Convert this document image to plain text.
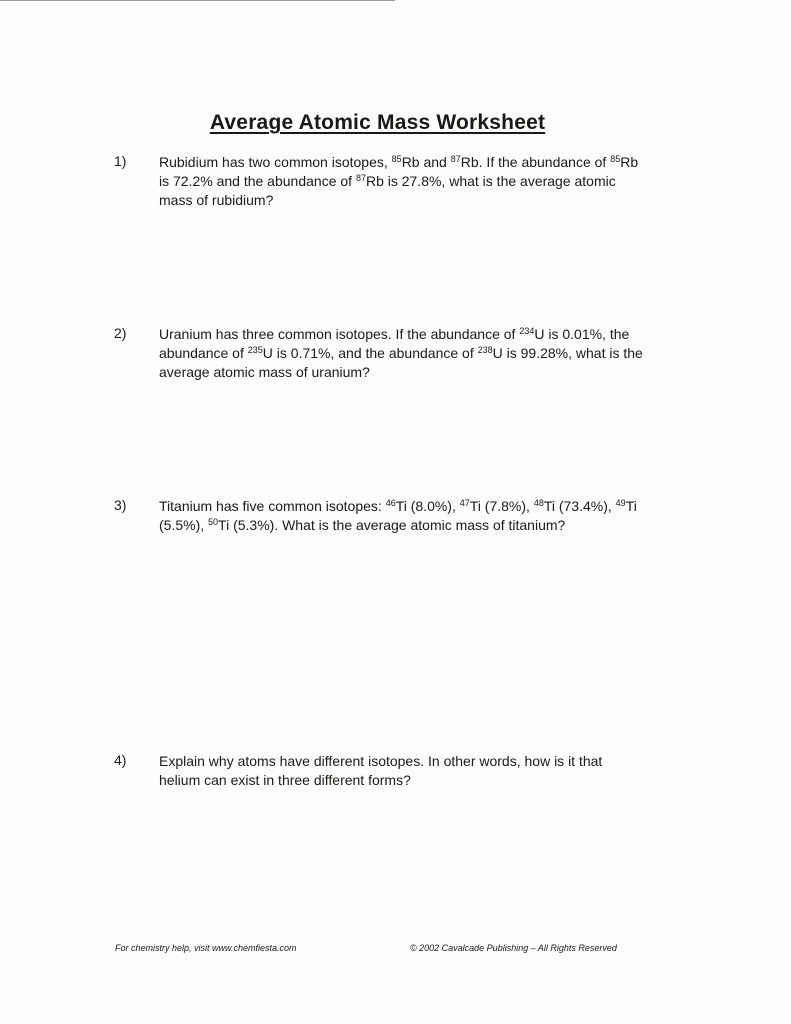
Average Atomic Mass Worksheet
1) Rubidium has two common isotopes, $^{85}$Rb and $^{87}$Rb. If the abundance of $^{85}$Rb is 72.2% and the abundance of $^{87}$Rb is 27.8%, what is the average atomic mass of rubidium?
2) Uranium has three common isotopes. If the abundance of $^{234}$U is 0.01%, the abundance of $^{235}$U is 0.71%, and the abundance of $^{238}$U is 99.28%, what is the average atomic mass of uranium?
3) Titanium has five common isotopes: $^{46}$Ti (8.0%), $^{47}$Ti (7.8%), $^{48}$Ti (73.4%), $^{49}$Ti (5.5%), $^{50}$Ti (5.3%). What is the average atomic mass of titanium?
4) Explain why atoms have different isotopes. In other words, how is it that helium can exist in three different forms?
For chemistry help, visit www.chemfiesta.com	© 2002 Cavalcade Publishing – All Rights Reserved
